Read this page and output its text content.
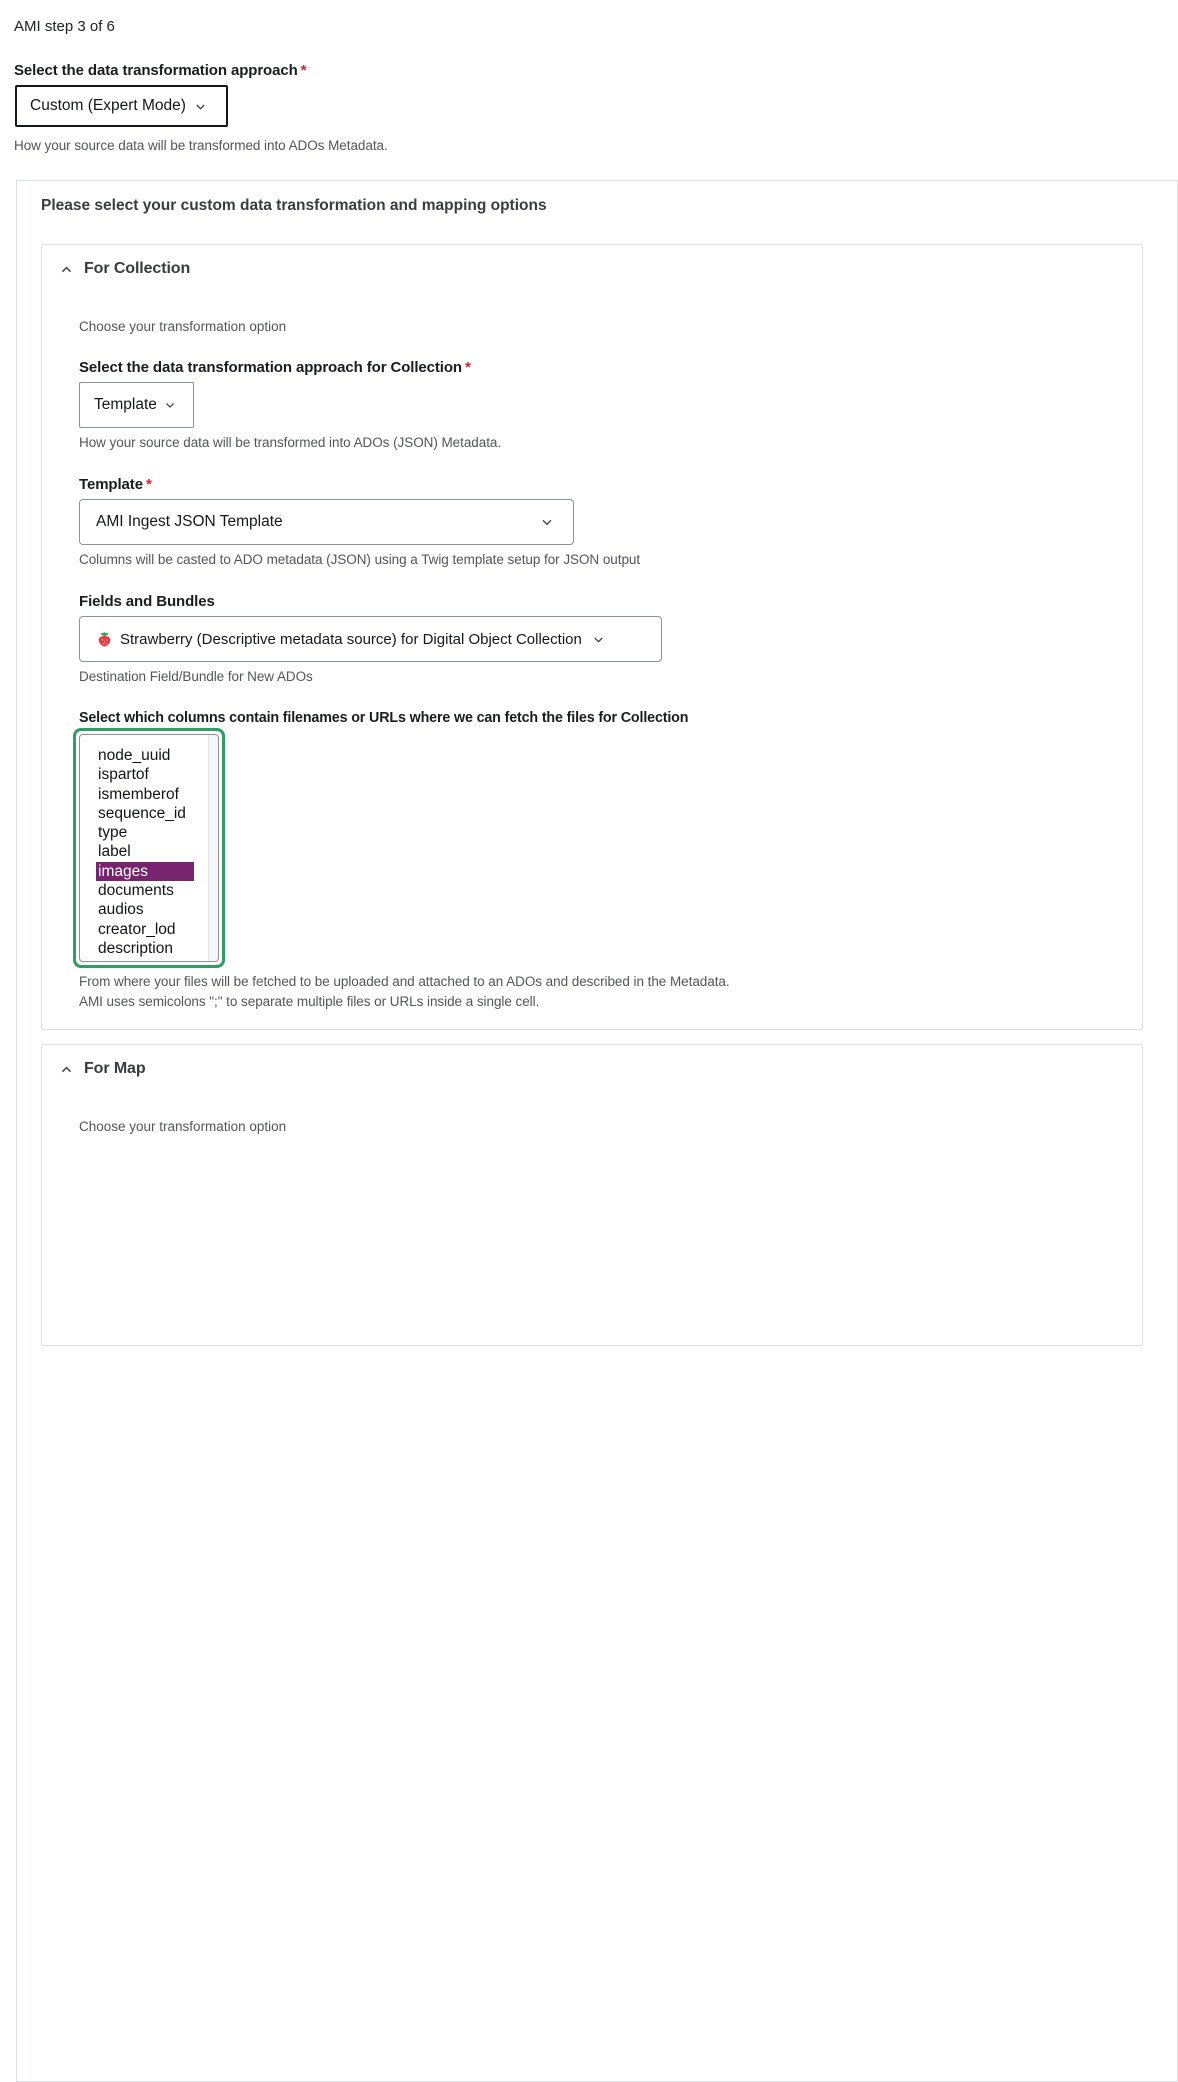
AMI step 3 of 6
Select the data transformation approach *
Custom (Expert Mode)
How your source data will be transformed into ADOs Metadata.
Please select your custom data transformation and mapping options
For Collection
Choose your transformation option
Select the data transformation approach for Collection *
Template
How your source data will be transformed into ADOs (JSON) Metadata.
Template *
AMI Ingest JSON Template
Columns will be casted to ADO metadata (JSON) using a Twig template setup for JSON output
Fields and Bundles
Strawberry (Descriptive metadata source) for Digital Object Collection
Destination Field/Bundle for New ADOs
Select which columns contain filenames or URLs where we can fetch the files for Collection
node_uuid
ispartof
ismemberof
sequence_id
type
label
images
documents
audios
creator_lod
description
From where your files will be fetched to be uploaded and attached to an ADOs and described in the Metadata.
AMI uses semicolons ";" to separate multiple files or URLs inside a single cell.
For Map
Choose your transformation option
